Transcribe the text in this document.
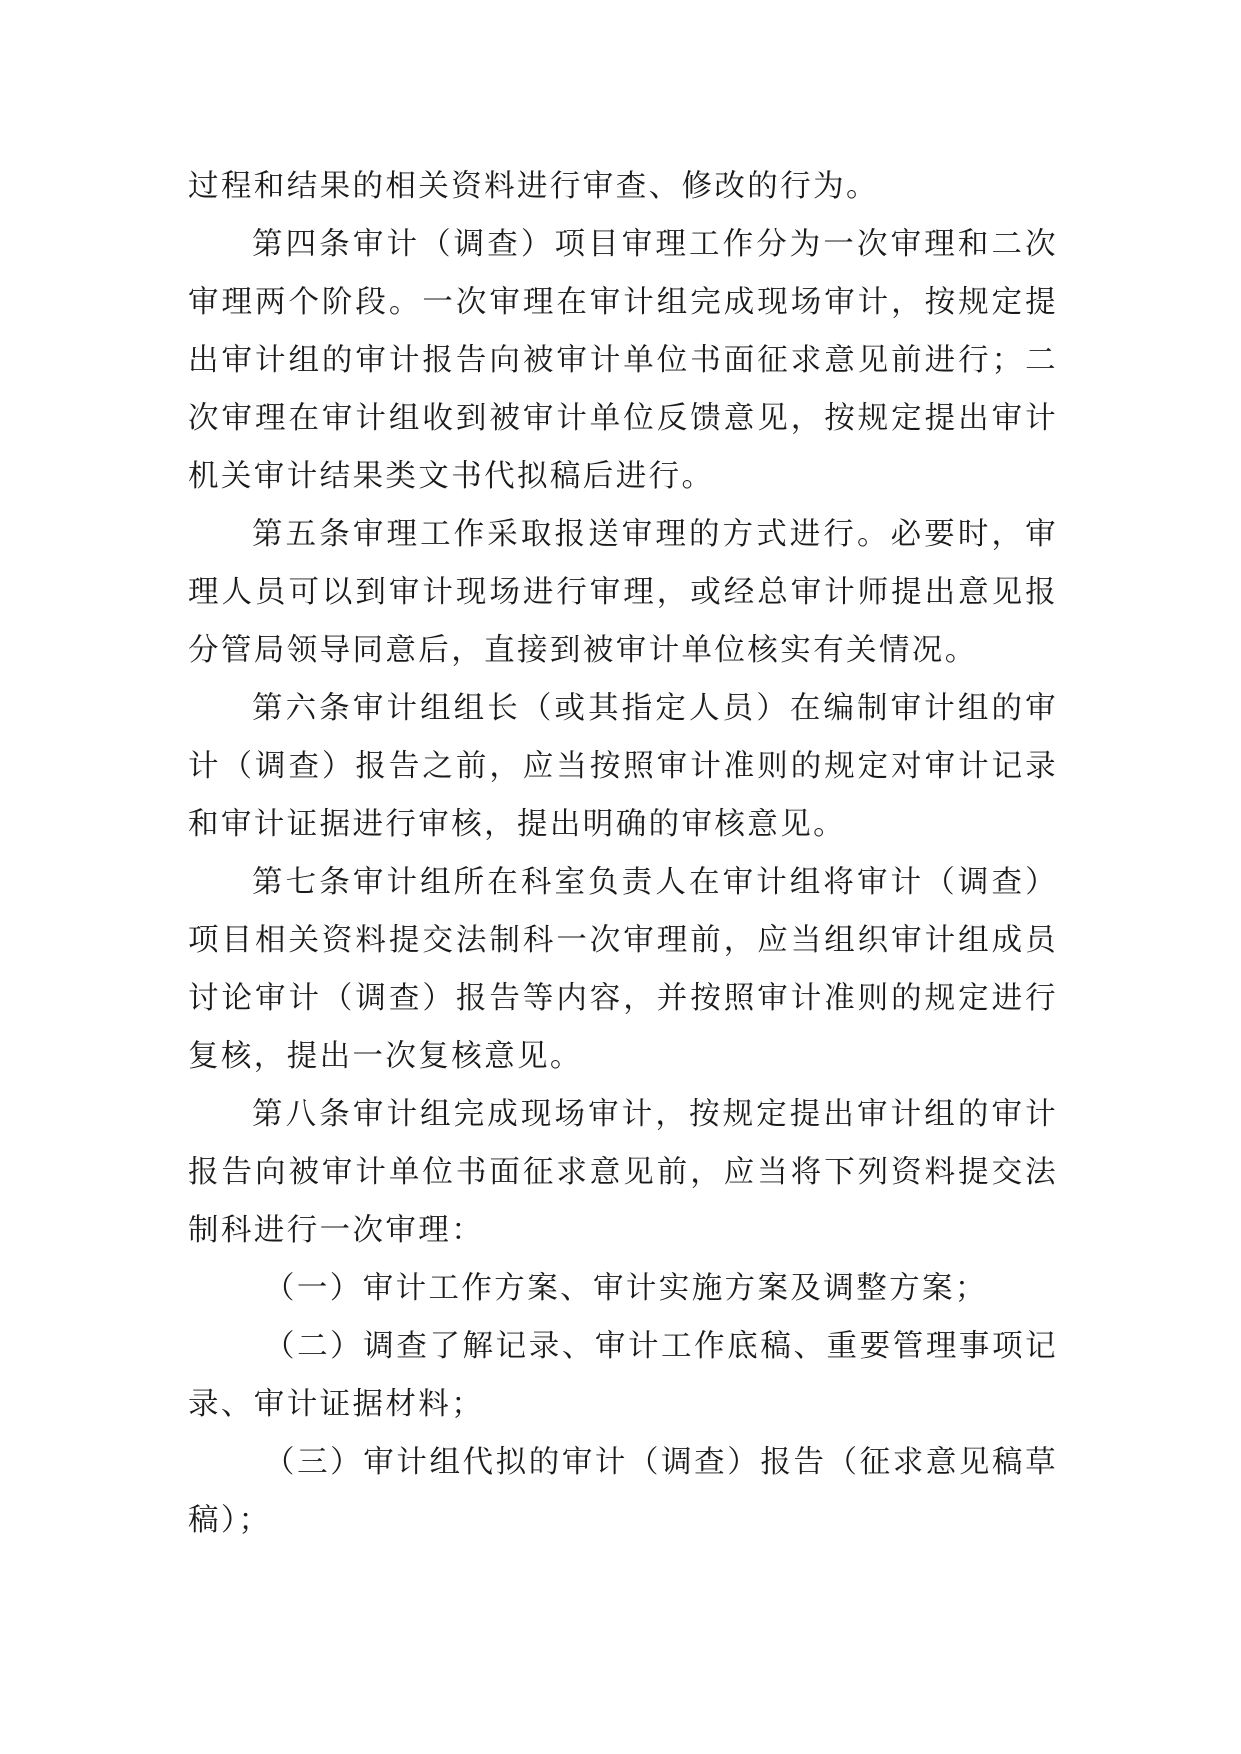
过程和结果的相关资料进行审查、修改的行为。

第四条审计（调查）项目审理工作分为一次审理和二次审理两个阶段。一次审理在审计组完成现场审计，按规定提出审计组的审计报告向被审计单位书面征求意见前进行；二次审理在审计组收到被审计单位反馈意见，按规定提出审计机关审计结果类文书代拟稿后进行。

第五条审理工作采取报送审理的方式进行。必要时，审理人员可以到审计现场进行审理，或经总审计师提出意见报分管局领导同意后，直接到被审计单位核实有关情况。

第六条审计组组长（或其指定人员）在编制审计组的审计（调查）报告之前，应当按照审计准则的规定对审计记录和审计证据进行审核，提出明确的审核意见。

第七条审计组所在科室负责人在审计组将审计（调查）项目相关资料提交法制科一次审理前，应当组织审计组成员讨论审计（调查）报告等内容，并按照审计准则的规定进行复核，提出一次复核意见。

第八条审计组完成现场审计，按规定提出审计组的审计报告向被审计单位书面征求意见前，应当将下列资料提交法制科进行一次审理：

（一）审计工作方案、审计实施方案及调整方案；

（二）调查了解记录、审计工作底稿、重要管理事项记录、审计证据材料；

（三）审计组代拟的审计（调查）报告（征求意见稿草稿）；
